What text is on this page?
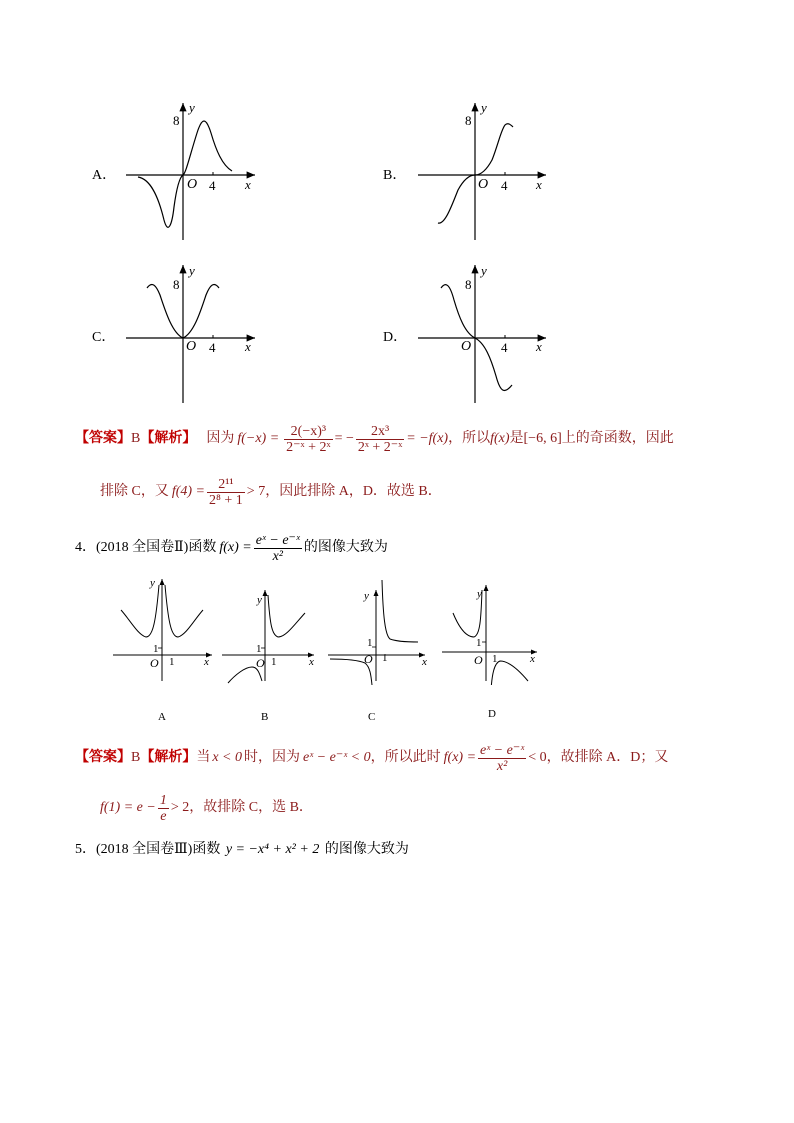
A．	B．
C．	D．
y
8
O 4 x
y
8
O 4 x
y
8
O 4 x
y
8
O 4 x
【答案】 B 【解析】 因为 $f(-x) = \frac{\text{2(−x)³}}{\text{2⁻ˣ + 2ˣ}}$ = − $\frac{\text{2x³}}{\text{2ˣ + 2⁻ˣ}} = -f(x)$ ，所以 f(x) 是 [−6, 6] 上的奇函数，因此
排除 C，又 $f(4) = \frac{\text{2¹¹}}{\text{2⁸ + 1}} > 7$ ，因此排除 A，D．故选 B．
4．(2018 全国卷Ⅱ)函数 $f(x) = \frac{\text{eˣ − e⁻ˣ}}{\text{x²}}$ 的图像大致为
y
1
O 1	x
y
1
O 1	x
y
1
O 1	x
y
1
O 1	x
A	B	C	D
【答案】 B 【解析】 当 x < 0 时，因为 eˣ − e⁻ˣ < 0 ，所以此时 $f(x) = \frac{\text{eˣ − e⁻ˣ}}{\text{x²}} < 0$ ，故排除 A．D；又
$f(1) = e - \frac{1}{e} > 2$ ，故排除 C，选 B．
5．(2018 全国卷Ⅲ)函数 y = −x⁴ + x² + 2 的图像大致为
